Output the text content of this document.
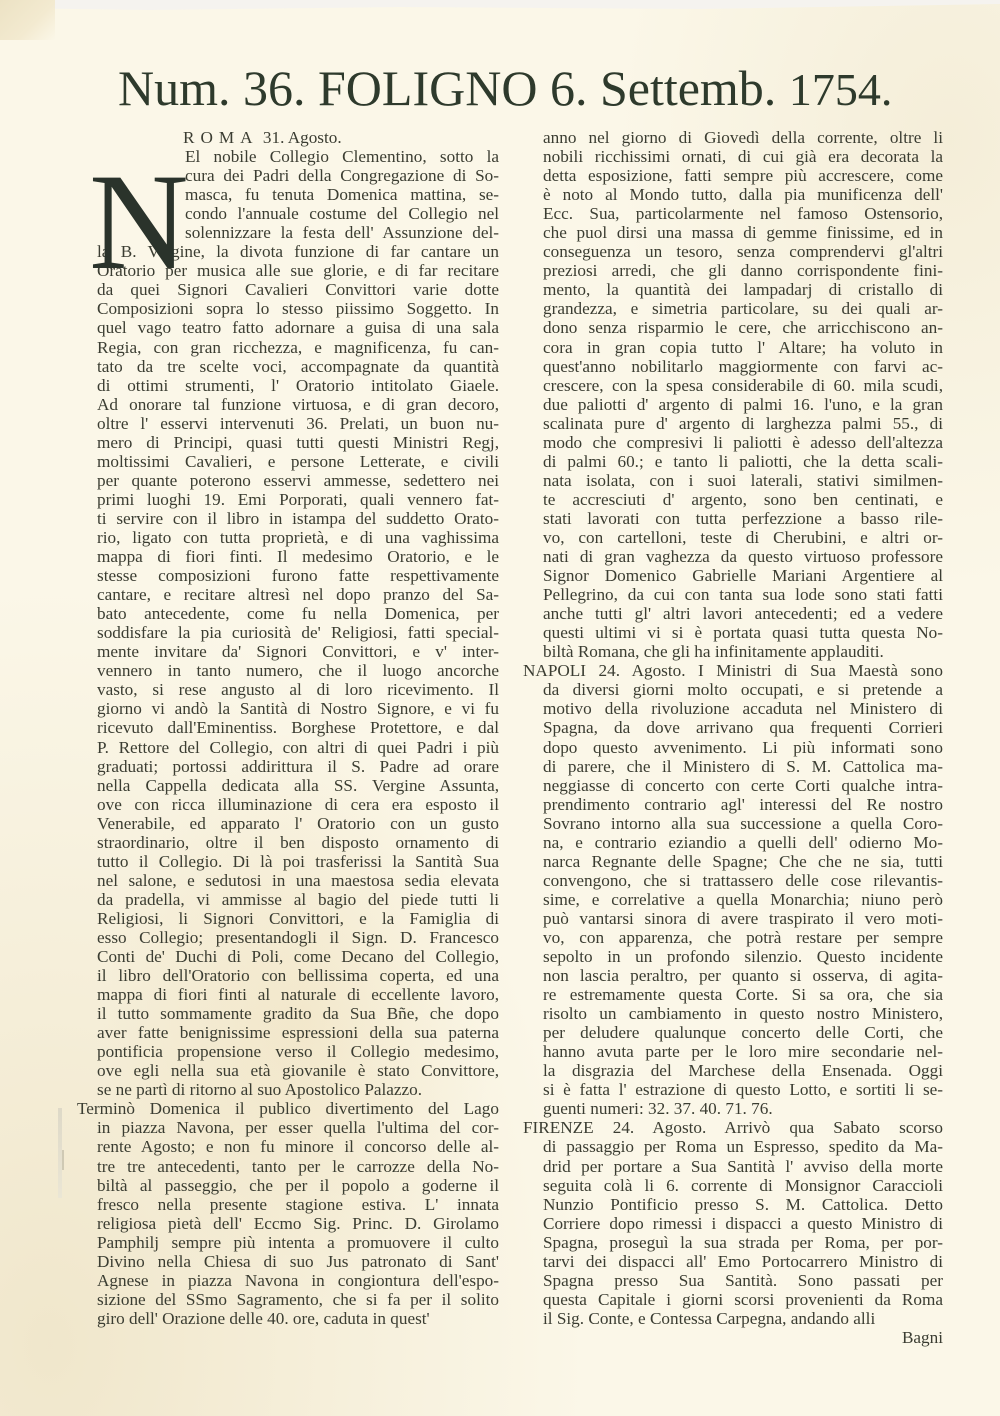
Num. 36. FOLIGNO 6. Settemb. 1754.
ROMA 31. Agosto.
N
El nobile Collegio Clementino, sotto la
cura dei Padri della Congregazione di So-
masca, fu tenuta Domenica mattina, se-
condo l'annuale costume del Collegio nel
solennizzare la festa dell' Assunzione del-
la B. Vergine, la divota funzione di far cantare un
Oratorio per musica alle sue glorie, e di far recitare
da quei Signori Cavalieri Convittori varie dotte
Composizioni sopra lo stesso piissimo Soggetto. In
quel vago teatro fatto adornare a guisa di una sala
Regia, con gran ricchezza, e magnificenza, fu can-
tato da tre scelte voci, accompagnate da quantità
di ottimi strumenti, l' Oratorio intitolato Giaele.
Ad onorare tal funzione virtuosa, e di gran decoro,
oltre l' esservi intervenuti 36. Prelati, un buon nu-
mero di Principi, quasi tutti questi Ministri Regj,
moltissimi Cavalieri, e persone Letterate, e civili
per quante poterono esservi ammesse, sedettero nei
primi luoghi 19. Emi Porporati, quali vennero fat-
ti servire con il libro in istampa del suddetto Orato-
rio, ligato con tutta proprietà, e di una vaghissima
mappa di fiori finti. Il medesimo Oratorio, e le
stesse composizioni furono fatte respettivamente
cantare, e recitare altresì nel dopo pranzo del Sa-
bato antecedente, come fu nella Domenica, per
soddisfare la pia curiosità de' Religiosi, fatti special-
mente invitare da' Signori Convittori, e v' inter-
vennero in tanto numero, che il luogo ancorche
vasto, si rese angusto al di loro ricevimento. Il
giorno vi andò la Santità di Nostro Signore, e vi fu
ricevuto dall'Eminentiss. Borghese Protettore, e dal
P. Rettore del Collegio, con altri di quei Padri i più
graduati; portossi addirittura il S. Padre ad orare
nella Cappella dedicata alla SS. Vergine Assunta,
ove con ricca illuminazione di cera era esposto il
Venerabile, ed apparato l' Oratorio con un gusto
straordinario, oltre il ben disposto ornamento di
tutto il Collegio. Di là poi trasferissi la Santità Sua
nel salone, e sedutosi in una maestosa sedia elevata
da pradella, vi ammisse al bagio del piede tutti li
Religiosi, li Signori Convittori, e la Famiglia di
esso Collegio; presentandogli il Sign. D. Francesco
Conti de' Duchi di Poli, come Decano del Collegio,
il libro dell'Oratorio con bellissima coperta, ed una
mappa di fiori finti al naturale di eccellente lavoro,
il tutto sommamente gradito da Sua Bñe, che dopo
aver fatte benignissime espressioni della sua paterna
pontificia propensione verso il Collegio medesimo,
ove egli nella sua età giovanile è stato Convittore,
se ne partì di ritorno al suo Apostolico Palazzo.
Terminò Domenica il publico divertimento del Lago
in piazza Navona, per esser quella l'ultima del cor-
rente Agosto; e non fu minore il concorso delle al-
tre tre antecedenti, tanto per le carrozze della No-
biltà al passeggio, che per il popolo a goderne il
fresco nella presente stagione estiva. L' innata
religiosa pietà dell' Eccmo Sig. Princ. D. Girolamo
Pamphilj sempre più intenta a promuovere il culto
Divino nella Chiesa di suo Jus patronato di Sant'
Agnese in piazza Navona in congiontura dell'espo-
sizione del SSmo Sagramento, che si fa per il solito
giro dell' Orazione delle 40. ore, caduta in quest'
anno nel giorno di Giovedì della corrente, oltre li
nobili ricchissimi ornati, di cui già era decorata la
detta esposizione, fatti sempre più accrescere, come
è noto al Mondo tutto, dalla pia munificenza dell'
Ecc. Sua, particolarmente nel famoso Ostensorio,
che puol dirsi una massa di gemme finissime, ed in
conseguenza un tesoro, senza comprendervi gl'altri
preziosi arredi, che gli danno corrispondente fini-
mento, la quantità dei lampadarj di cristallo di
grandezza, e simetria particolare, su dei quali ar-
dono senza risparmio le cere, che arricchiscono an-
cora in gran copia tutto l' Altare; ha voluto in
quest'anno nobilitarlo maggiormente con farvi ac-
crescere, con la spesa considerabile di 60. mila scudi,
due paliotti d' argento di palmi 16. l'uno, e la gran
scalinata pure d' argento di larghezza palmi 55., di
modo che compresivi li paliotti è adesso dell'altezza
di palmi 60.; e tanto li paliotti, che la detta scali-
nata isolata, con i suoi laterali, stativi similmen-
te accresciuti d' argento, sono ben centinati, e
stati lavorati con tutta perfezzione a basso rile-
vo, con cartelloni, teste di Cherubini, e altri or-
nati di gran vaghezza da questo virtuoso professore
Signor Domenico Gabrielle Mariani Argentiere al
Pellegrino, da cui con tanta sua lode sono stati fatti
anche tutti gl' altri lavori antecedenti; ed a vedere
questi ultimi vi si è portata quasi tutta questa No-
biltà Romana, che gli ha infinitamente applauditi.
NAPOLI 24. Agosto. I Ministri di Sua Maestà sono
da diversi giorni molto occupati, e si pretende a
motivo della rivoluzione accaduta nel Ministero di
Spagna, da dove arrivano qua frequenti Corrieri
dopo questo avvenimento. Li più informati sono
di parere, che il Ministero di S. M. Cattolica ma-
neggiasse di concerto con certe Corti qualche intra-
prendimento contrario agl' interessi del Re nostro
Sovrano intorno alla sua successione a quella Coro-
na, e contrario eziandio a quelli dell' odierno Mo-
narca Regnante delle Spagne; Che che ne sia, tutti
convengono, che si trattassero delle cose rilevantis-
sime, e correlative a quella Monarchia; niuno però
può vantarsi sinora di avere traspirato il vero moti-
vo, con apparenza, che potrà restare per sempre
sepolto in un profondo silenzio. Questo incidente
non lascia peraltro, per quanto si osserva, di agita-
re estremamente questa Corte. Si sa ora, che sia
risolto un cambiamento in questo nostro Ministero,
per deludere qualunque concerto delle Corti, che
hanno avuta parte per le loro mire secondarie nel-
la disgrazia del Marchese della Ensenada. Oggi
si è fatta l' estrazione di questo Lotto, e sortiti li se-
guenti numeri: 32. 37. 40. 71. 76.
FIRENZE 24. Agosto. Arrivò qua Sabato scorso
di passaggio per Roma un Espresso, spedito da Ma-
drid per portare a Sua Santità l' avviso della morte
seguita colà li 6. corrente di Monsignor Caraccioli
Nunzio Pontificio presso S. M. Cattolica. Detto
Corriere dopo rimessi i dispacci a questo Ministro di
Spagna, proseguì la sua strada per Roma, per por-
tarvi dei dispacci all' Emo Portocarrero Ministro di
Spagna presso Sua Santità. Sono passati per
questa Capitale i giorni scorsi provenienti da Roma
il Sig. Conte, e Contessa Carpegna, andando alli
Bagni
